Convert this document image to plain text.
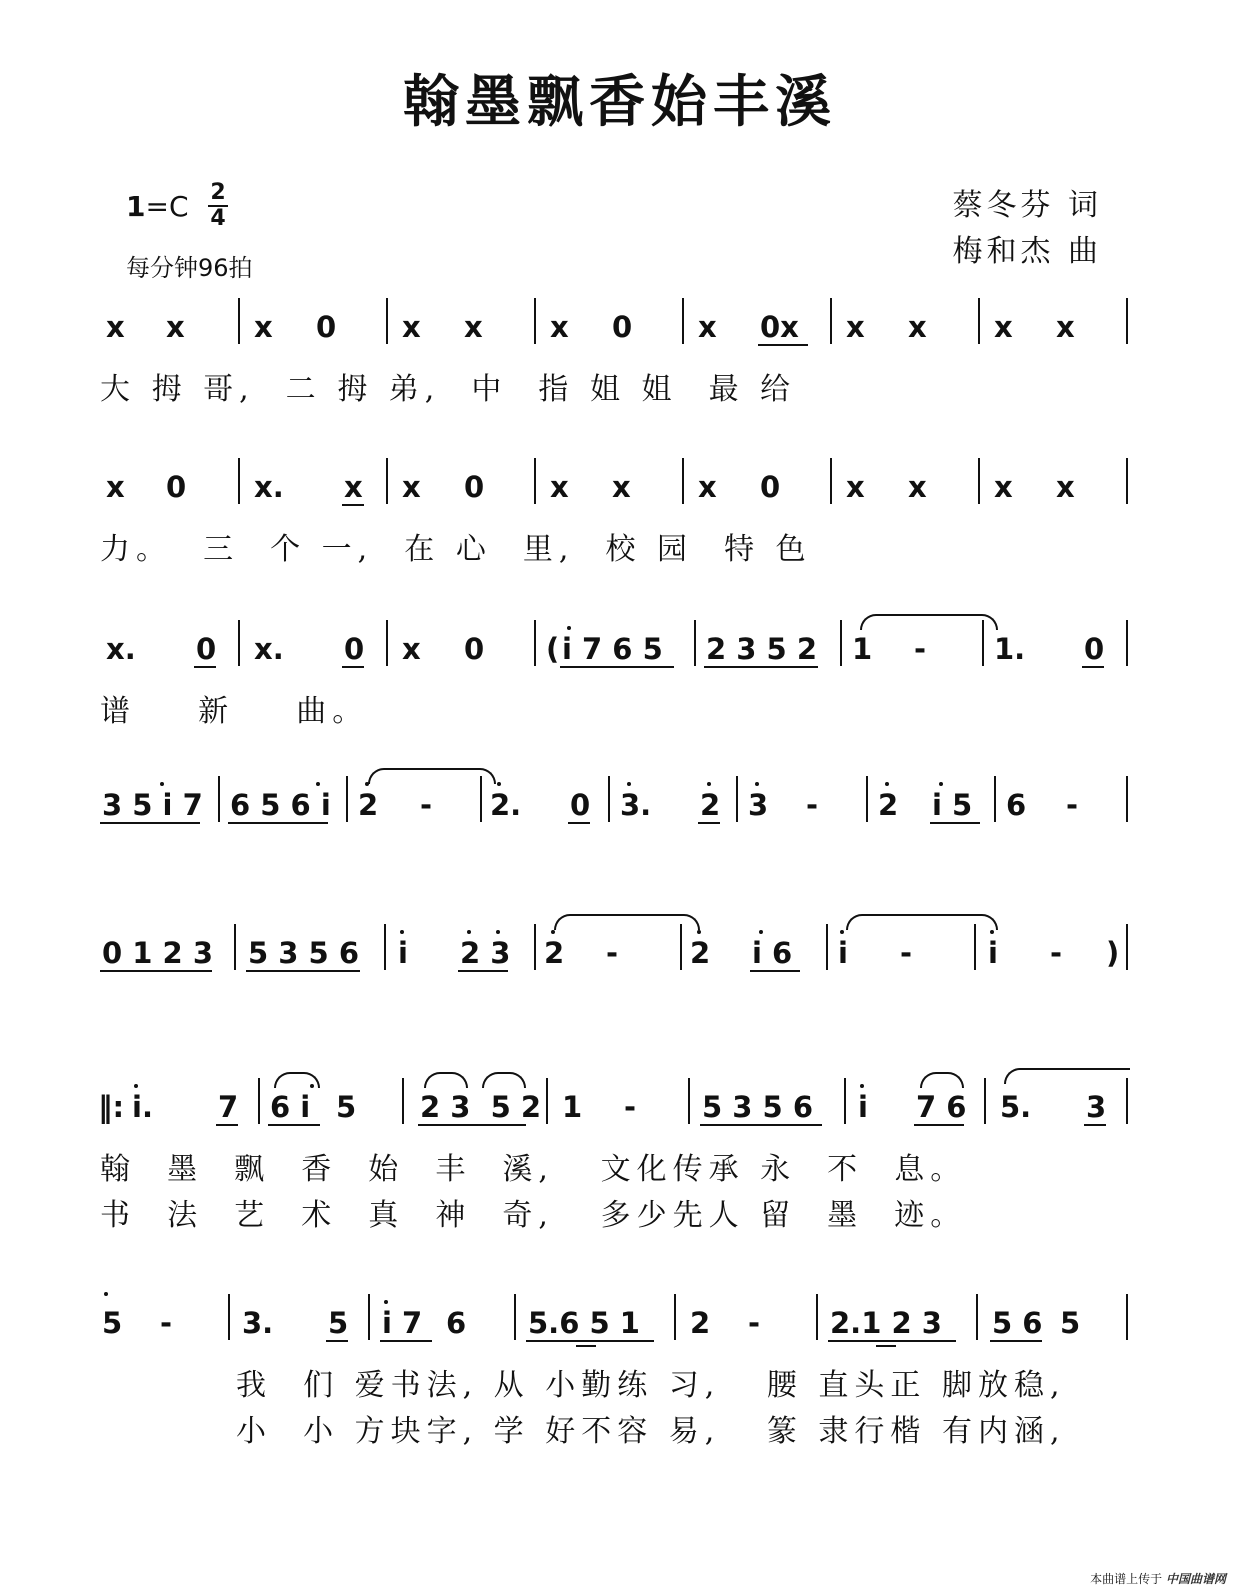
翰墨飘香始丰溪
1=C 2
4
每分钟96拍
蔡冬芬 词
梅和杰 曲
x x x 0 x x x 0 x 0x x x x x
大 拇 哥,  二 拇 弟,  中  指 姐 姐  最 给
x 0 x. x x 0 x x x 0 x x x x
力。  三  个 一,  在 心  里,  校 园  特 色
x. 0 x. 0 x 0 ( i 7 6 5 2 3 5 2 1 - 1. 0
谱    新    曲。
3 5 i 7 6 5 6 i 2 - 2. 0 3. 2 3 - 2 i 5 6 -
0 1 2 3 5 3 5 6 i 2 3 2 - 2 i 6 i -	i - )
‖: i. 7 6 i 5 2 3  5 2 1 - 5 3 5 6 i 7 6 5. 3
翰  墨  飘  香  始  丰  溪,   文化传承 永  不  息。
书  法  艺  术  真  神  奇,   多少先人 留  墨  迹。
5 - 3. 5 i 7 6 5.6 5 1 2 - 2.1 2 3 5 6 5
我  们 爱书法, 从 小勤练 习,   腰 直头正 脚放稳,
小  小 方块字, 学 好不容 易,   篆 隶行楷 有内涵,
本曲谱上传于 中国曲谱网
